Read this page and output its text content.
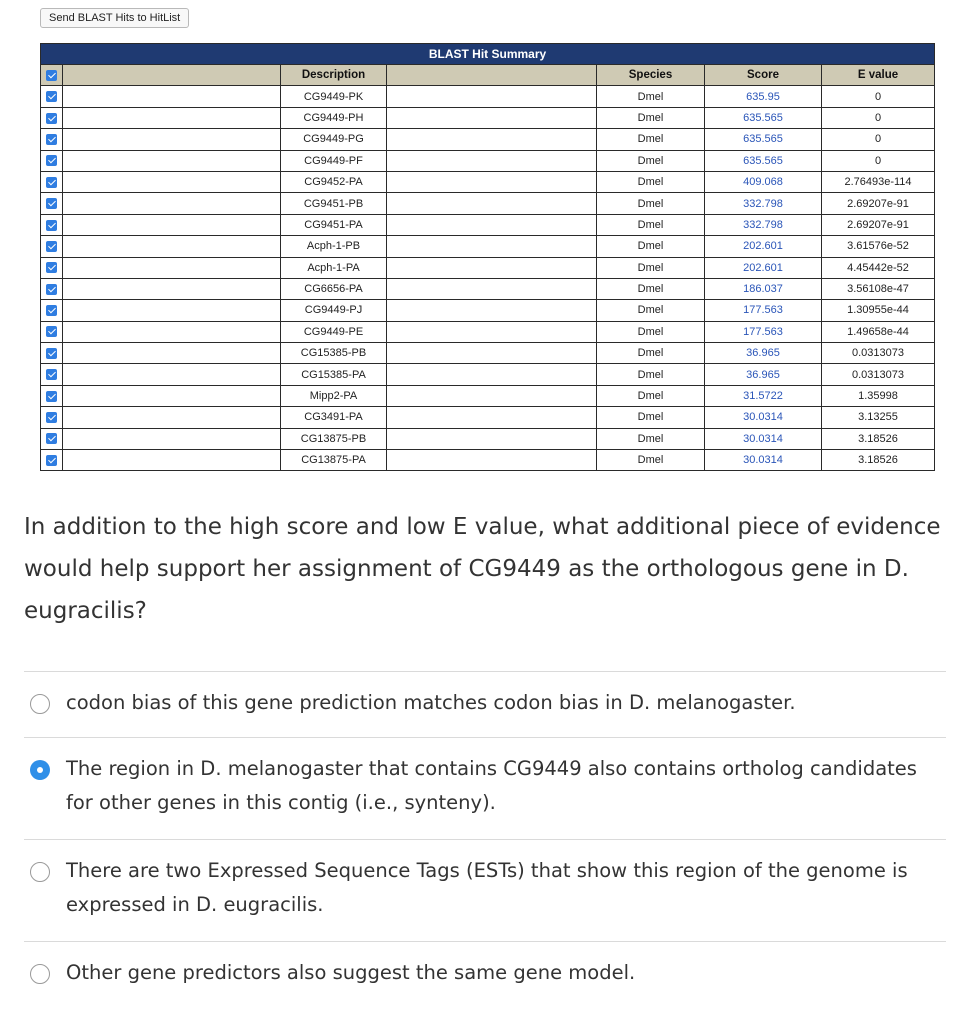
Send BLAST Hits to HitList
BLAST Hit Summary						
		Description		Species	Score	E value
		CG9449-PK		Dmel	635.95	0
		CG9449-PH		Dmel	635.565	0
		CG9449-PG		Dmel	635.565	0
		CG9449-PF		Dmel	635.565	0
		CG9452-PA		Dmel	409.068	2.76493e-114
		CG9451-PB		Dmel	332.798	2.69207e-91
		CG9451-PA		Dmel	332.798	2.69207e-91
		Acph-1-PB		Dmel	202.601	3.61576e-52
		Acph-1-PA		Dmel	202.601	4.45442e-52
		CG6656-PA		Dmel	186.037	3.56108e-47
		CG9449-PJ		Dmel	177.563	1.30955e-44
		CG9449-PE		Dmel	177.563	1.49658e-44
		CG15385-PB		Dmel	36.965	0.0313073
		CG15385-PA		Dmel	36.965	0.0313073
		Mipp2-PA		Dmel	31.5722	1.35998
		CG3491-PA		Dmel	30.0314	3.13255
		CG13875-PB		Dmel	30.0314	3.18526
		CG13875-PA		Dmel	30.0314	3.18526
In addition to the high score and low E value, what additional piece of evidence would help support her assignment of CG9449 as the orthologous gene in D. eugracilis?
codon bias of this gene prediction matches codon bias in D. melanogaster.
The region in D. melanogaster that contains CG9449 also contains ortholog candidates for other genes in this contig (i.e., synteny).
There are two Expressed Sequence Tags (ESTs) that show this region of the genome is expressed in D. eugracilis.
Other gene predictors also suggest the same gene model.
